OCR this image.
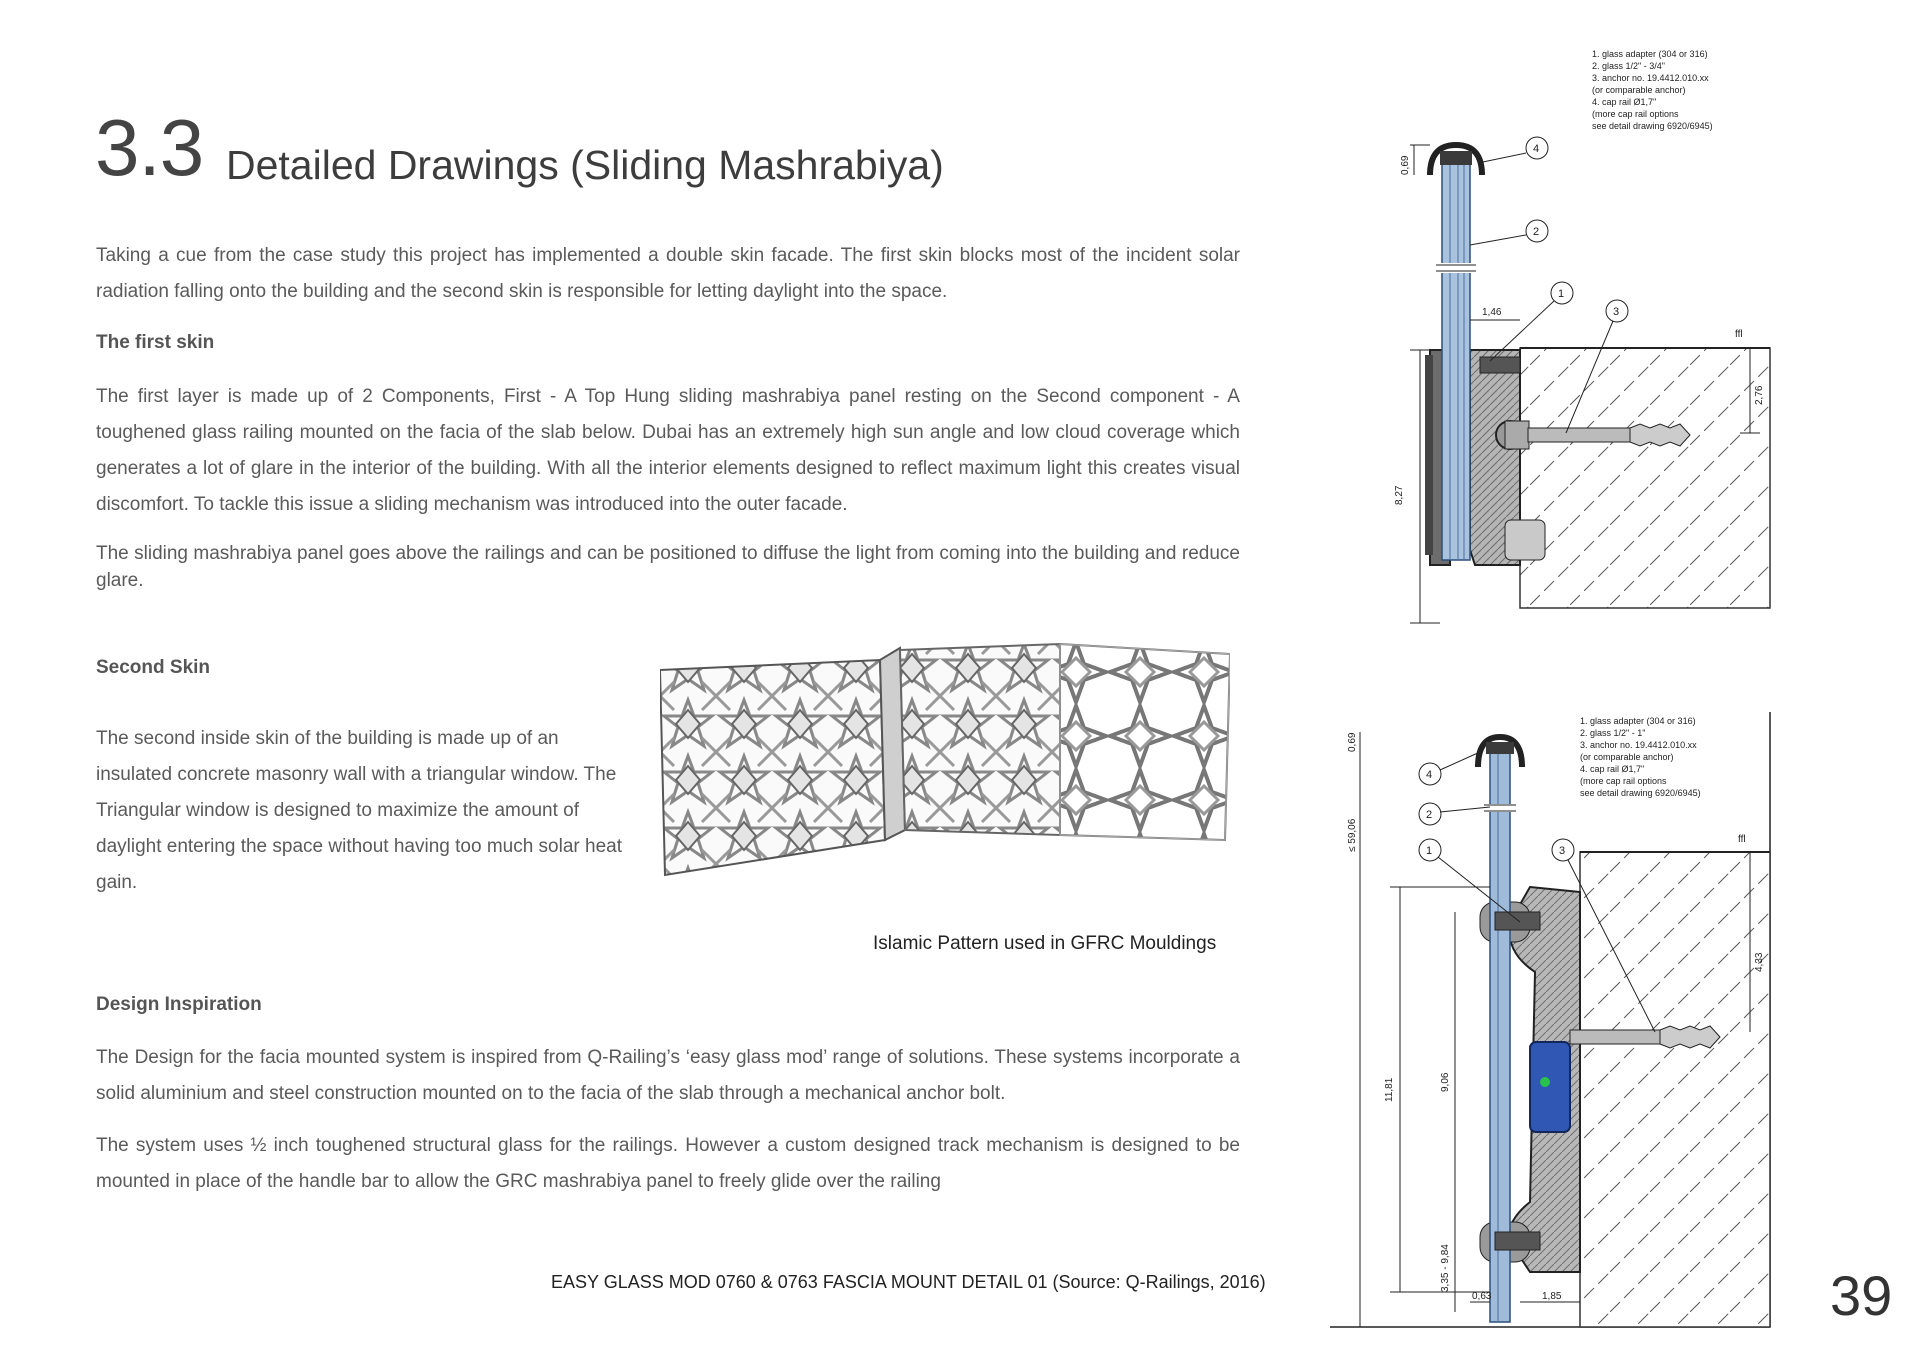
3.3 Detailed Drawings (Sliding Mashrabiya)

Taking a cue from the case study this project has implemented a double skin facade. The first skin blocks most of the incident solar radiation falling onto the building and the second skin is responsible for letting daylight into the space.

The first skin

The first layer is made up of 2 Components, First - A Top Hung sliding mashrabiya panel resting on the Second component - A toughened glass railing mounted on the facia of the slab below. Dubai has an extremely high sun angle and low cloud coverage which generates a lot of glare in the interior of the building. With all the interior elements designed to reflect maximum light this creates visual discomfort. To tackle this issue a sliding mechanism was introduced into the outer facade.

The sliding mashrabiya panel goes above the railings and can be positioned to diffuse the light from coming into the building and reduce glare.

Second Skin

The second inside skin of the building is made up of an insulated concrete masonry wall with a triangular window. The Triangular window is designed to maximize the amount of daylight entering the space without having too much solar heat gain.

Islamic Pattern used in GFRC Mouldings
Design Inspiration

The Design for the facia mounted system is inspired from Q-Railing’s ‘easy glass mod’ range of solutions. These systems incorporate a solid aluminium and steel construction mounted on to the facia of the slab through a mechanical anchor bolt.

The system uses ½ inch toughened structural glass for the railings. However a custom designed track mechanism is designed to be mounted in place of the handle bar to allow the GRC mashrabiya panel to freely glide over the railing

EASY GLASS MOD 0760 & 0763 FASCIA MOUNT DETAIL 01 (Source: Q-Railings, 2016)	39
1. glass adapter (304 or 316)
2. glass 1/2" - 3/4"
3. anchor no. 19.4412.010.xx
(or comparable anchor)
4. cap rail Ø1,7"
(more cap rail options
see detail drawing 6920/6945)
8,27
0,69
1,46
2,76
ffl
4
2
1
3
1. glass adapter (304 or 316)
2. glass 1/2" - 1"
3. anchor no. 19.4412.010.xx
(or comparable anchor)
4. cap rail Ø1,7"
(more cap rail options
see detail drawing 6920/6945)
≤ 59,06
0,69
11,81	9,06
3,35 - 9,84
0,63	1,85
4,33
ffl
4
2
1	3
